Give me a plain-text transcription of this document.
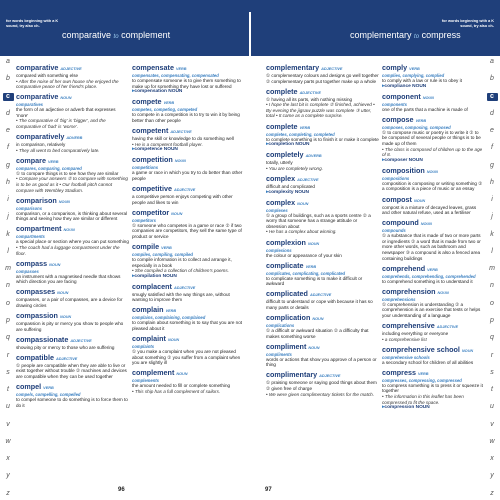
for words beginning with a K sound, try also ch-
comparative to complement	complementary to compress
for words beginning with a K sound, try also ch-
a
b
c
d
e
f
g
h
i
j
k
l
m
n
o
p
q
r
s
t
u
v
w
x
y
z
a
b
c
d
e
f
g
h
i
j
k
l
m
n
o
p
q
r
s
t
u
v
w
x
y
z
comparative ADJECTIVE
compared with something else
• After the noise of her own house she enjoyed the comparative peace of her friend's place.
comparative NOUN
comparatives
the form of an adjective or adverb that expresses 'more'
• The comparative of 'big' is 'bigger', and the comparative of 'bad' is 'worse'.
comparatively ADVERB
in comparison, relatively
• They all went to bed comparatively late.
compare VERB
compares, comparing, compared
① to compare things is to see how they are similar
• Compare your answers ② to compare with something is to be as good as it • Our football pitch cannot compare with Wembley Stadium.
comparison NOUN
comparisons
comparison, or a comparison, is thinking about several things and seeing how they are similar or different
compartment NOUN
compartments
a special place or section where you can put something
• The coach had a luggage compartment under the floor.
compass NOUN
compasses
an instrument with a magnetised needle that shows which direction you are facing
compasses NOUN
compasses, or a pair of compasses, are a device for drawing circles
compassion NOUN
compassion is pity or mercy you show to people who are suffering
compassionate ADJECTIVE
showing pity or mercy to those who are suffering
compatible ADJECTIVE
① people are compatible when they are able to live or exist together without trouble ② machines and devices are compatible when they can be used together
compel VERB
compels, compelling, compelled
to compel someone to do something is to force them to do it
compensate VERB
compensates, compensating, compensated
to compensate someone is to give them something to make up for something they have lost or suffered
▸ compensation NOUN
compete VERB
competes, competing, competed
to compete in a competition is to try to win it by being better than other people
competent ADJECTIVE
having the skill or knowledge to do something well
• He is a competent football player.
▸ competence NOUN
competition NOUN
competitions
a game or race in which you try to do better than other people
competitive ADJECTIVE
a competitive person enjoys competing with other people and likes to win
competitor NOUN
competitors
① someone who competes in a game or race ② if two companies are competitors, they sell the same type of product or service
compile VERB
compiles, compiling, compiled
to compile information is to collect and arrange it, especially in a book
• She compiled a collection of children's poems.
▸ compilation NOUN
complacent ADJECTIVE
smugly satisfied with the way things are, without wanting to improve them
complain VERB
complains, complaining, complained
to complain about something is to say that you are not pleased about it
complaint NOUN
complaints
① you make a complaint when you are not pleased about something ② you suffer from a complaint when you are slightly ill
complement NOUN
complements
the amount needed to fill or complete something
• This ship has a full complement of sailors.
complementary ADJECTIVE
① complementary colours and designs go well together ② complementary parts put together make up a whole
complete ADJECTIVE
① having all its parts, with nothing missing
• I hope the last bit is complete ② finished, achieved • By evening the jigsaw puzzle was complete ③ utter, total • It came as a complete surprise.
complete VERB
completes, completing, completed
to complete something is to finish it or make it complete
▸ completion NOUN
completely ADVERB
totally, utterly
• You are completely wrong.
complex ADJECTIVE
difficult and complicated
▸ complexity NOUN
complex NOUN
complexes
① a group of buildings, such as a sports centre ② a worry that someone has a strange attitude or obsession about
• He has a complex about winning.
complexion NOUN
complexions
the colour or appearance of your skin
complicate VERB
complicates, complicating, complicated
to complicate something is to make it difficult or awkward
complicated ADJECTIVE
difficult to understand or cope with because it has so many parts or details
complication NOUN
complications
① a difficult or awkward situation ② a difficulty that makes something worse
compliment NOUN
compliments
words or actions that show you approve of a person or thing
complimentary ADJECTIVE
① praising someone or saying good things about them ② given free of charge
• We were given complimentary tickets for the match.
comply VERB
complies, complying, complied
to comply with a law or rule is to obey it
▸ compliance NOUN
component NOUN
components
one of the parts that a machine is made of
compose VERB
composes, composing, composed
① to compose music or poetry is to write it ② to be composed of several people or things is to be made up of them
• The class is composed of children up to the age of 8.
▸ composer NOUN
composition NOUN
compositions
composition is composing or writing something ② a composition is a piece of music or an essay
compost NOUN
compost is a mixture of decayed leaves, grass and other natural refuse, used as a fertiliser
compound NOUN
compounds
① a substance that is made of two or more parts or ingredients ② a word that is made from two or more other words, such as bathroom and newspaper ③ a compound is also a fenced area containing buildings
comprehend VERB
comprehends, comprehending, comprehended
to comprehend something is to understand it
comprehension NOUN
comprehensions
① comprehension is understanding ② a comprehension is an exercise that tests or helps your understanding of a language
comprehensive ADJECTIVE
including everything or everyone
• a comprehensive list
comprehensive school NOUN
comprehensive schools
a secondary school for children of all abilities
compress VERB
compresses, compressing, compressed
to compress something is to press it or squeeze it together
• The information in this leaflet has been compressed to fit the space.
▸ compression NOUN
96	97
